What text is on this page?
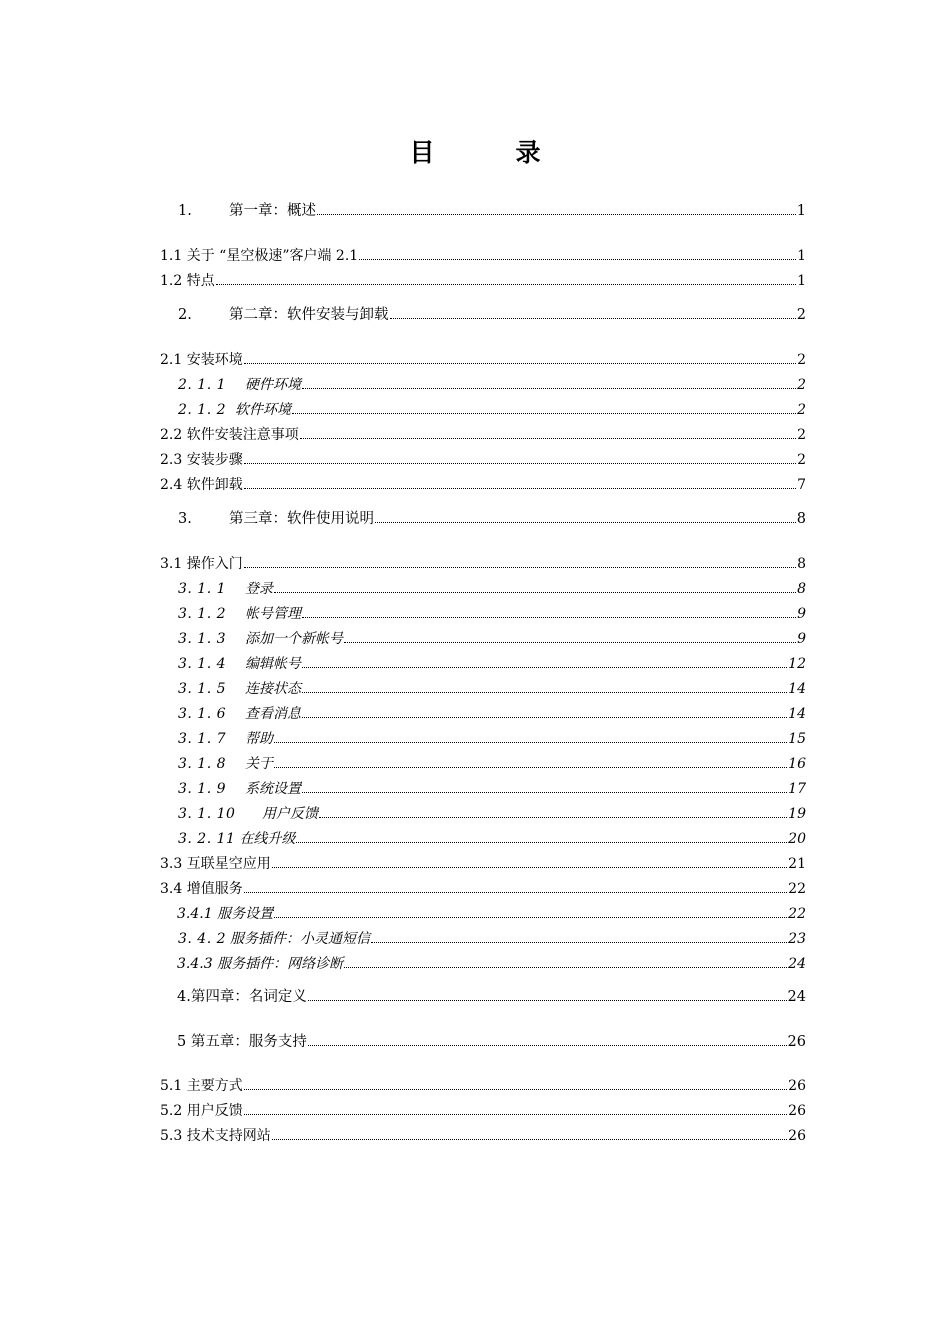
目　录
1.	第一章：概述	1
1.1 关于 “星空极速”客户端 2.1	1
1.2 特点	1
2.	第二章：软件安装与卸载	2
2.1 安装环境	2
2. 1. 1	硬件环境	2
2. 1. 2 软件环境	2
2.2 软件安装注意事项	2
2.3 安装步骤	2
2.4 软件卸载	7
3.	第三章：软件使用说明	8
3.1 操作入门	8
3. 1. 1	登录	8
3. 1. 2	帐号管理	9
3. 1. 3	添加一个新帐号	9
3. 1. 4	编辑帐号	12
3. 1. 5	连接状态	14
3. 1. 6	查看消息	14
3. 1. 7	帮助	15
3. 1. 8	关于	16
3. 1. 9	系统设置	17
3. 1. 10	用户反馈	19
3. 2. 11 在线升级	20
3.3 互联星空应用	21
3.4 增值服务	22
3.4.1 服务设置	22
3. 4. 2 服务插件：小灵通短信	23
3.4.3 服务插件：网络诊断	24
4.第四章：名词定义	24
5 第五章：服务支持	26
5.1 主要方式	26
5.2 用户反馈	26
5.3 技术支持网站	26
